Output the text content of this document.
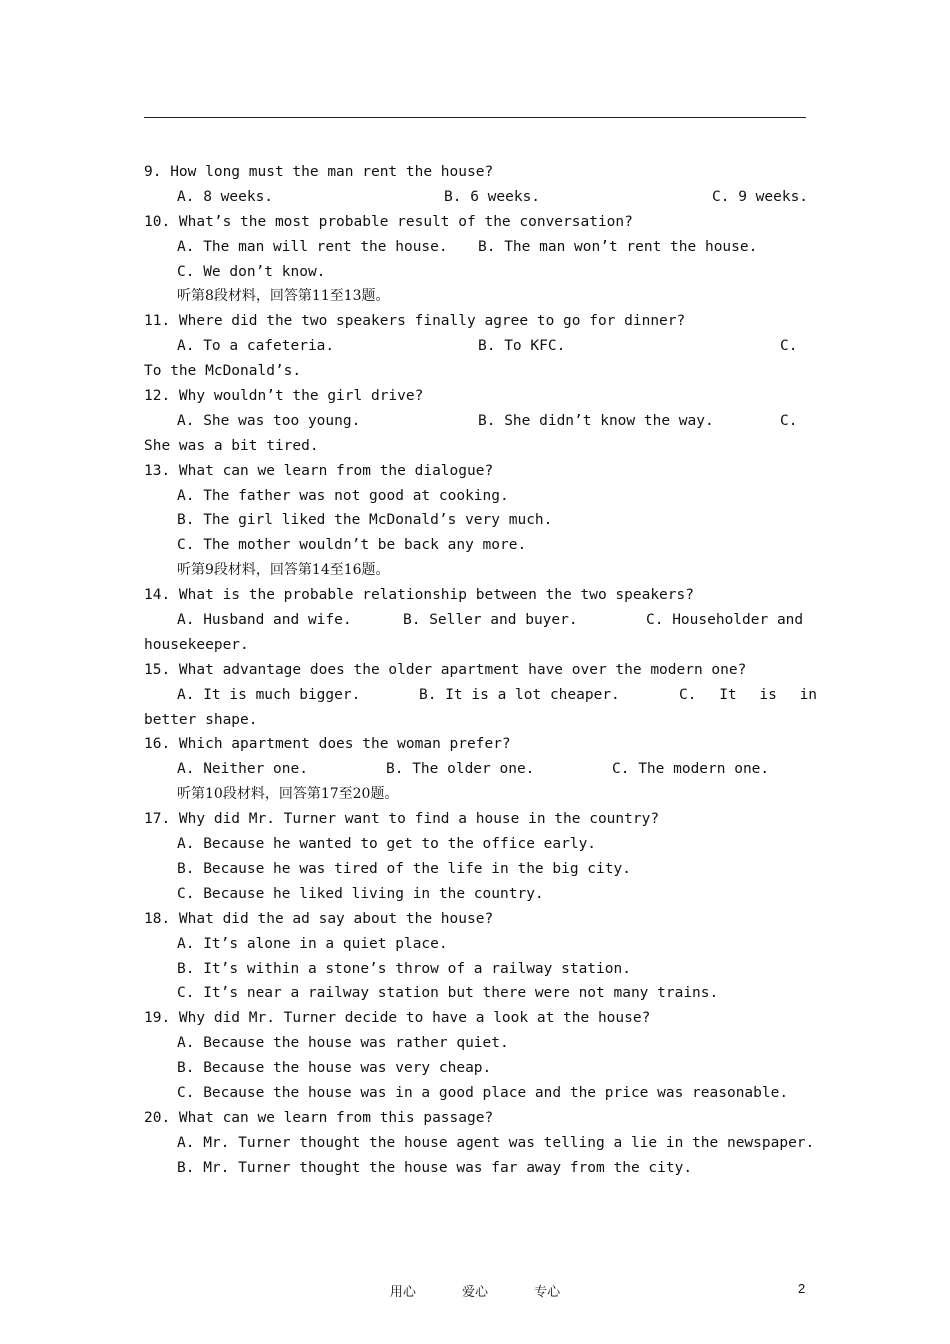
9. How long must the man rent the house?

A. 8 weeks.

	B. 6 weeks.

	C. 9 weeks.

10. What’s the most probable result of the conversation?

A. The man will rent the house.

B. The man won’t rent the house.

C. We don’t know.
听第8段材料，回答第11至13题。
11. Where did the two speakers finally agree to go for dinner?

A. To a cafeteria.

	B. To KFC.

	C.

To the McDonald’s.
12. Why wouldn’t the girl drive?

A. She was too young.

	B. She didn’t know the way.

	C.

She was a bit tired.
13. What can we learn from the dialogue?
A. The father was not good at cooking.
B. The girl liked the McDonald’s very much.
C. The mother wouldn’t be back any more.
听第9段材料，回答第14至16题。
14. What is the probable relationship between the two speakers?

A. Husband and wife.

	B. Seller and buyer.

	C. Householder and

housekeeper.
15. What advantage does the older apartment have over the modern one?

A. It is much bigger.

	B. It is a lot cheaper.

	C. It is in

better shape.
16. Which apartment does the woman prefer?

A. Neither one.

	B. The older one.

	C. The modern one.

听第10段材料，回答第17至20题。
17. Why did Mr. Turner want to find a house in the country?
A. Because he wanted to get to the office early.
B. Because he was tired of the life in the big city.
C. Because he liked living in the country.
18. What did the ad say about the house?
A. It’s alone in a quiet place.
B. It’s within a stone’s throw of a railway station.
C. It’s near a railway station but there were not many trains.
19. Why did Mr. Turner decide to have a look at the house?
A. Because the house was rather quiet.
B. Because the house was very cheap.
C. Because the house was in a good place and the price was reasonable.
20. What can we learn from this passage?
A. Mr. Turner thought the house agent was telling a lie in the newspaper.
B. Mr. Turner thought the house was far away from the city.
用心	爱心	专心	2
